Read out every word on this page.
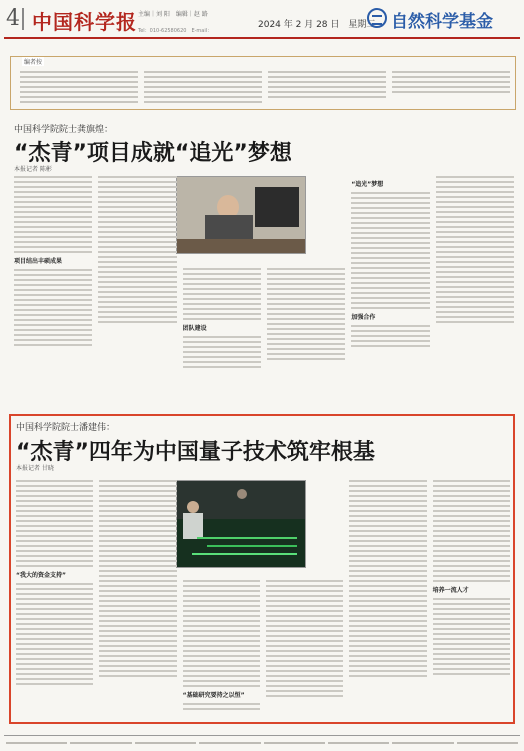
4 中国科学报 主编｜刘 阳　编辑｜赵 路
2024 年 2 月 28 日　星期三
Tel：010-62580620　E-mail：	自然科学基金
编者按
中国科学院院士龚旗煌：
“杰青”项目成就“追光”梦想
本报记者 陈彬

项目结出丰硕成果
团队建设
“追光”梦想
加强合作
中国科学院院士潘建伟：
“杰青”四年为中国量子技术筑牢根基
本报记者 甘晓
“我大的资金支持”
“基础研究要持之以恒”
培养一流人才
